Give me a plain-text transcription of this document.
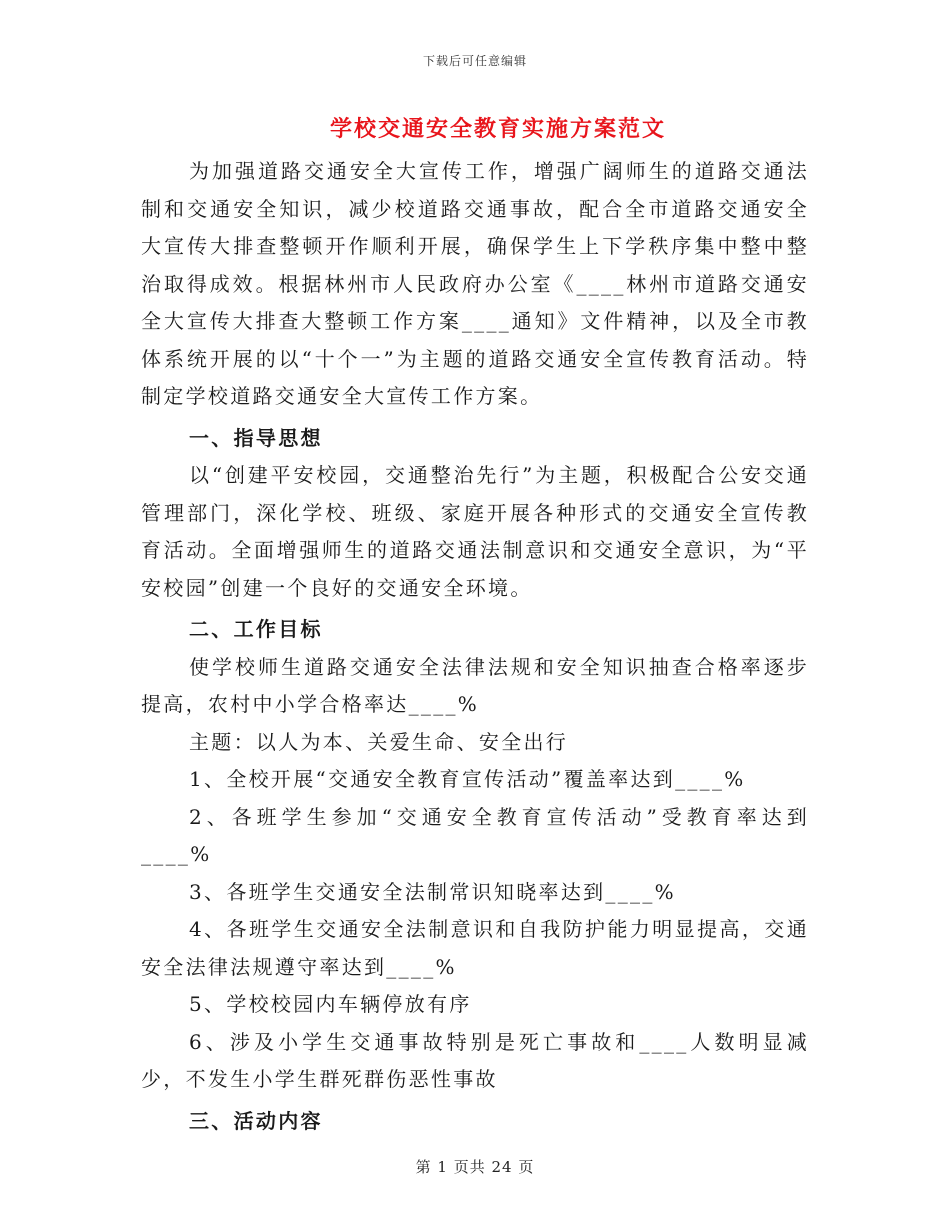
下载后可任意编辑
学校交通安全教育实施方案范文

为加强道路交通安全大宣传工作，增强广阔师生的道路交通法制和交通安全知识，减少校道路交通事故，配合全市道路交通安全大宣传大排查整顿开作顺利开展，确保学生上下学秩序集中整中整治取得成效。根据林州市人民政府办公室《____林州市道路交通安全大宣传大排查大整顿工作方案____通知》文件精神，以及全市教体系统开展的以“十个一”为主题的道路交通安全宣传教育活动。特制定学校道路交通安全大宣传工作方案。

一、指导思想

以“创建平安校园，交通整治先行”为主题，积极配合公安交通管理部门，深化学校、班级、家庭开展各种形式的交通安全宣传教育活动。全面增强师生的道路交通法制意识和交通安全意识，为“平安校园”创建一个良好的交通安全环境。

二、工作目标

使学校师生道路交通安全法律法规和安全知识抽查合格率逐步提高，农村中小学合格率达____%

主题：以人为本、关爱生命、安全出行

1、全校开展“交通安全教育宣传活动”覆盖率达到____%

2、各班学生参加“交通安全教育宣传活动”受教育率达到____%

3、各班学生交通安全法制常识知晓率达到____%

4、各班学生交通安全法制意识和自我防护能力明显提高，交通安全法律法规遵守率达到____%

5、学校校园内车辆停放有序

6、涉及小学生交通事故特别是死亡事故和____人数明显减少，不发生小学生群死群伤恶性事故

三、活动内容

第 1 页共 24 页
